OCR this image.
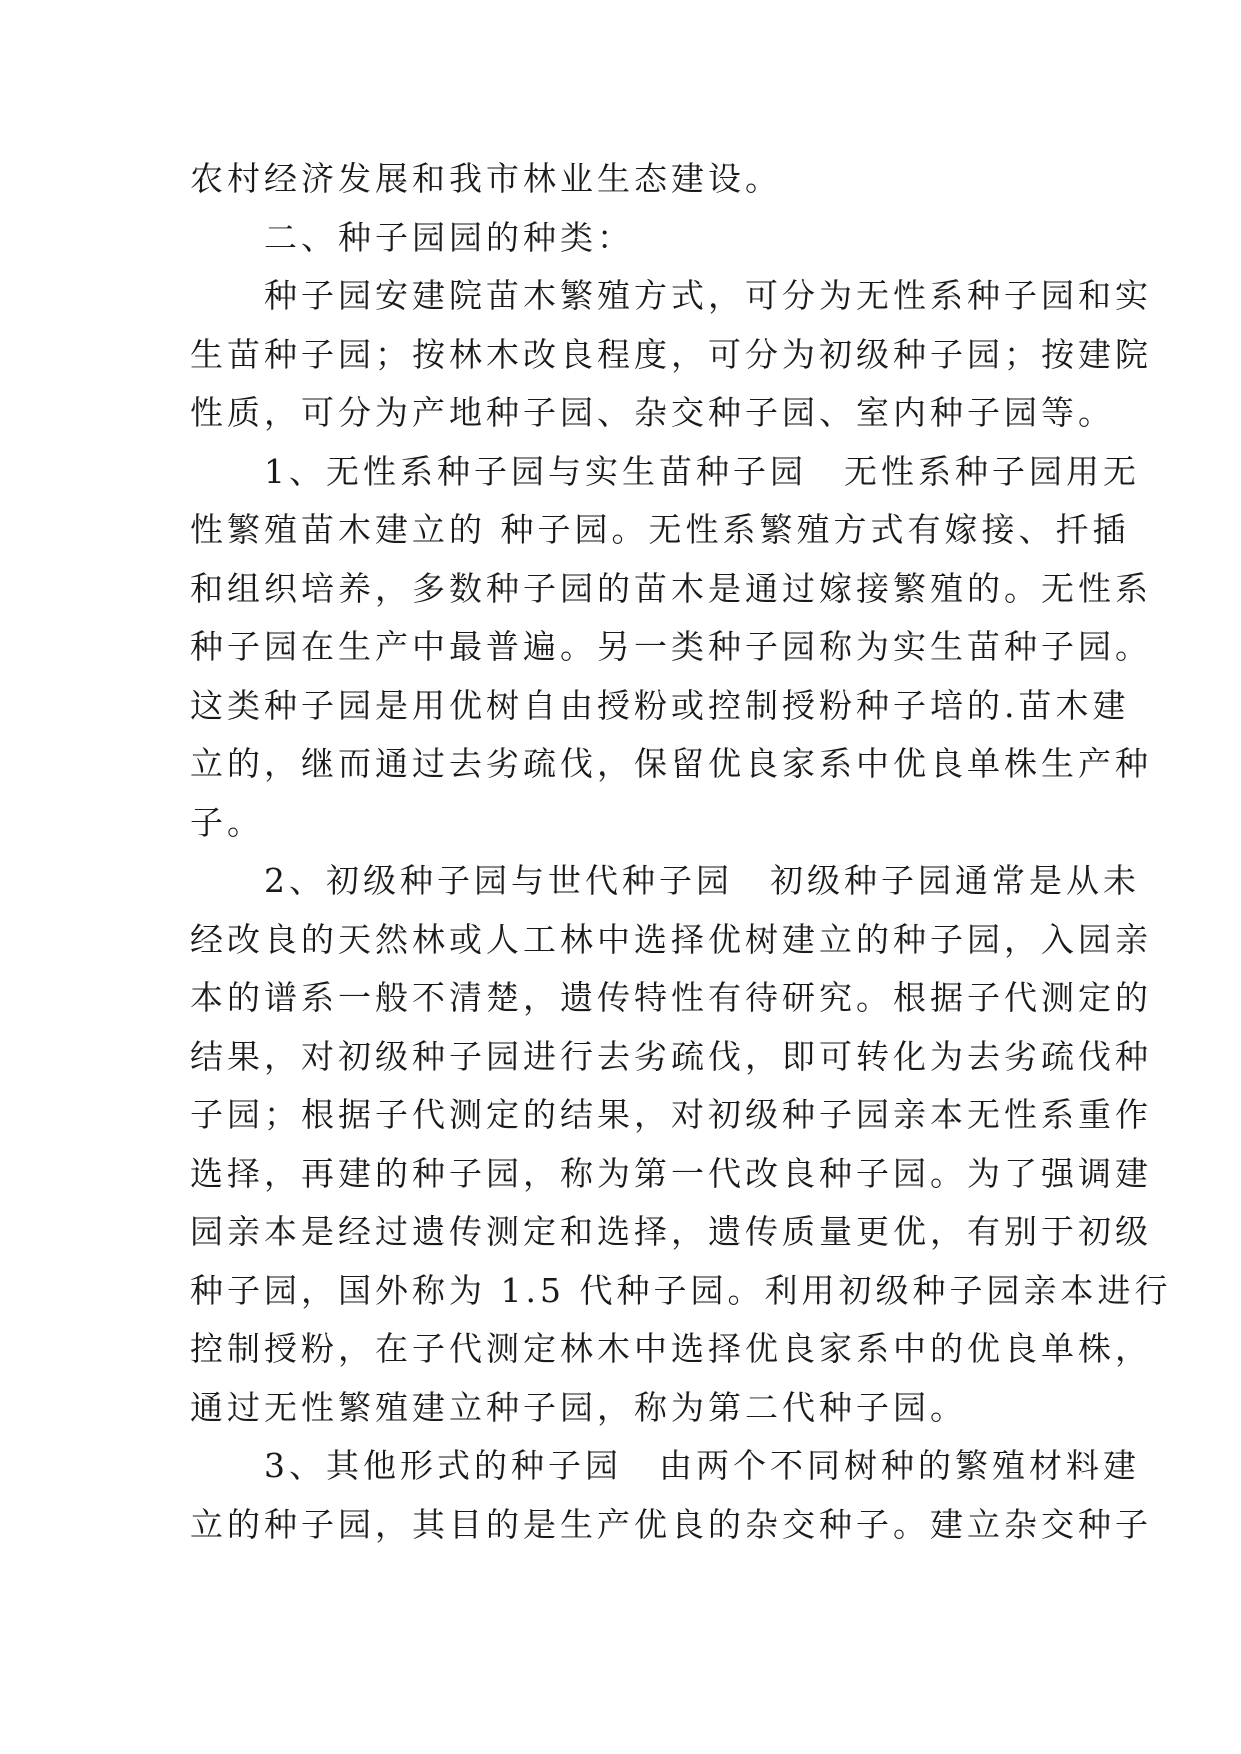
农村经济发展和我市林业生态建设。
　　二、种子园园的种类：
　　种子园安建院苗木繁殖方式，可分为无性系种子园和实
生苗种子园；按林木改良程度，可分为初级种子园；按建院
性质，可分为产地种子园、杂交种子园、室内种子园等。
　　1、无性系种子园与实生苗种子园　无性系种子园用无
性繁殖苗木建立的 种子园。无性系繁殖方式有嫁接、扦插
和组织培养，多数种子园的苗木是通过嫁接繁殖的。无性系
种子园在生产中最普遍。另一类种子园称为实生苗种子园。
这类种子园是用优树自由授粉或控制授粉种子培的.苗木建
立的，继而通过去劣疏伐，保留优良家系中优良单株生产种
子。
　　2、初级种子园与世代种子园　初级种子园通常是从未
经改良的天然林或人工林中选择优树建立的种子园，入园亲
本的谱系一般不清楚，遗传特性有待研究。根据子代测定的
结果，对初级种子园进行去劣疏伐，即可转化为去劣疏伐种
子园；根据子代测定的结果，对初级种子园亲本无性系重作
选择，再建的种子园，称为第一代改良种子园。为了强调建
园亲本是经过遗传测定和选择，遗传质量更优，有别于初级
种子园，国外称为 1.5 代种子园。利用初级种子园亲本进行
控制授粉，在子代测定林木中选择优良家系中的优良单株，
通过无性繁殖建立种子园，称为第二代种子园。
　　3、其他形式的种子园　由两个不同树种的繁殖材料建
立的种子园，其目的是生产优良的杂交种子。建立杂交种子
